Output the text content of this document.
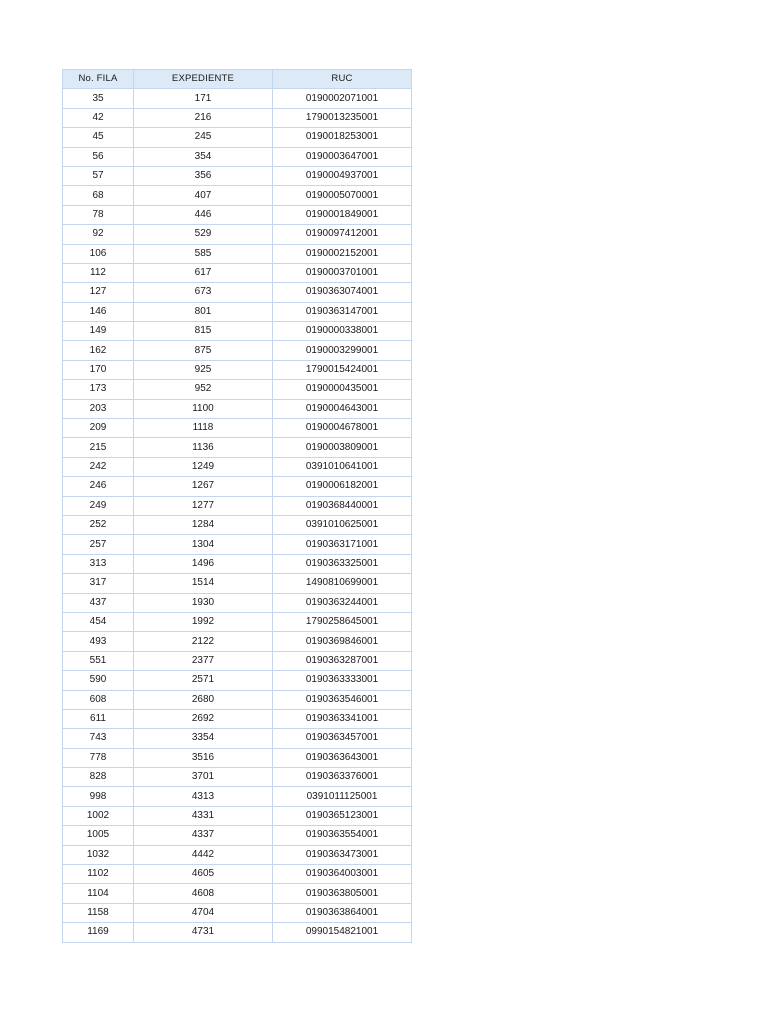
No. FILA	EXPEDIENTE	RUC
35	171	0190002071001
42	216	1790013235001
45	245	0190018253001
56	354	0190003647001
57	356	0190004937001
68	407	0190005070001
78	446	0190001849001
92	529	0190097412001
106	585	0190002152001
112	617	0190003701001
127	673	0190363074001
146	801	0190363147001
149	815	0190000338001
162	875	0190003299001
170	925	1790015424001
173	952	0190000435001
203	1100	0190004643001
209	1118	0190004678001
215	1136	0190003809001
242	1249	0391010641001
246	1267	0190006182001
249	1277	0190368440001
252	1284	0391010625001
257	1304	0190363171001
313	1496	0190363325001
317	1514	1490810699001
437	1930	0190363244001
454	1992	1790258645001
493	2122	0190369846001
551	2377	0190363287001
590	2571	0190363333001
608	2680	0190363546001
611	2692	0190363341001
743	3354	0190363457001
778	3516	0190363643001
828	3701	0190363376001
998	4313	0391011125001
1002	4331	0190365123001
1005	4337	0190363554001
1032	4442	0190363473001
1102	4605	0190364003001
1104	4608	0190363805001
1158	4704	0190363864001
1169	4731	0990154821001
